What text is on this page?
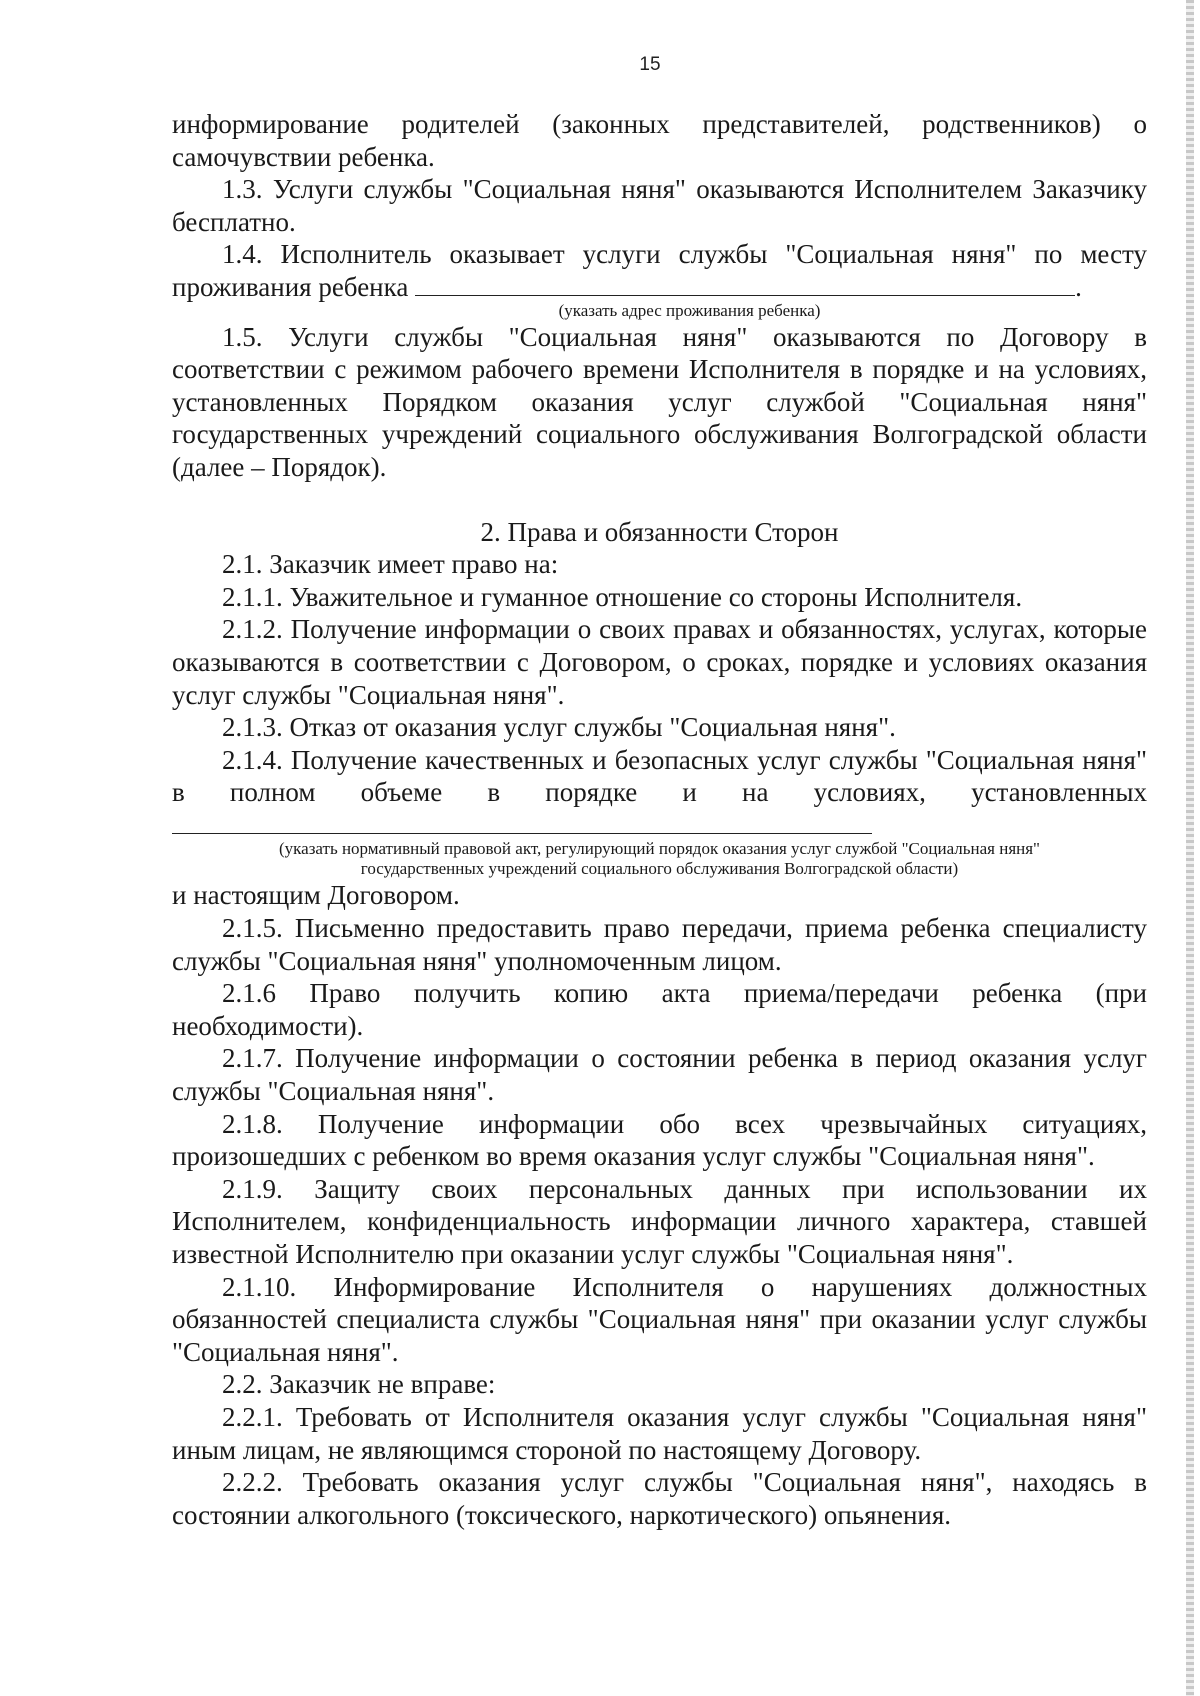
15

информирование родителей (законных представителей, родственников) о самочувствии ребенка.

1.3. Услуги службы "Социальная няня" оказываются Исполнителем Заказчику бесплатно.

1.4. Исполнитель оказывает услуги службы "Социальная няня" по месту проживания ребенка	.

(указать адрес проживания ребенка)

1.5. Услуги службы "Социальная няня" оказываются по Договору в соответствии с режимом рабочего времени Исполнителя в порядке и на условиях, установленных Порядком оказания услуг службой "Социальная няня" государственных учреждений социального обслуживания Волгоградской области (далее – Порядок).

2. Права и обязанности Сторон

2.1. Заказчик имеет право на:

2.1.1. Уважительное и гуманное отношение со стороны Исполнителя.

2.1.2. Получение информации о своих правах и обязанностях, услугах, которые оказываются в соответствии с Договором, о сроках, порядке и условиях оказания услуг службы "Социальная няня".

2.1.3. Отказ от оказания услуг службы "Социальная няня".

2.1.4. Получение качественных и безопасных услуг службы "Социальная няня" в полном объеме в порядке и на условиях, установленных

(указать нормативный правовой акт, регулирующий порядок оказания услуг службой "Социальная няня"

государственных учреждений социального обслуживания Волгоградской области)

и настоящим Договором.

2.1.5. Письменно предоставить право передачи, приема ребенка специалисту службы "Социальная няня" уполномоченным лицом.

2.1.6 Право получить копию акта приема/передачи ребенка (при необходимости).

2.1.7. Получение информации о состоянии ребенка в период оказания услуг службы "Социальная няня".

2.1.8. Получение информации обо всех чрезвычайных ситуациях, произошедших с ребенком во время оказания услуг службы "Социальная няня".

2.1.9. Защиту своих персональных данных при использовании их Исполнителем, конфиденциальность информации личного характера, ставшей известной Исполнителю при оказании услуг службы "Социальная няня".

2.1.10. Информирование Исполнителя о нарушениях должностных обязанностей специалиста службы "Социальная няня" при оказании услуг службы "Социальная няня".

2.2. Заказчик не вправе:

2.2.1. Требовать от Исполнителя оказания услуг службы "Социальная няня" иным лицам, не являющимся стороной по настоящему Договору.

2.2.2. Требовать оказания услуг службы "Социальная няня", находясь в состоянии алкогольного (токсического, наркотического) опьянения.
